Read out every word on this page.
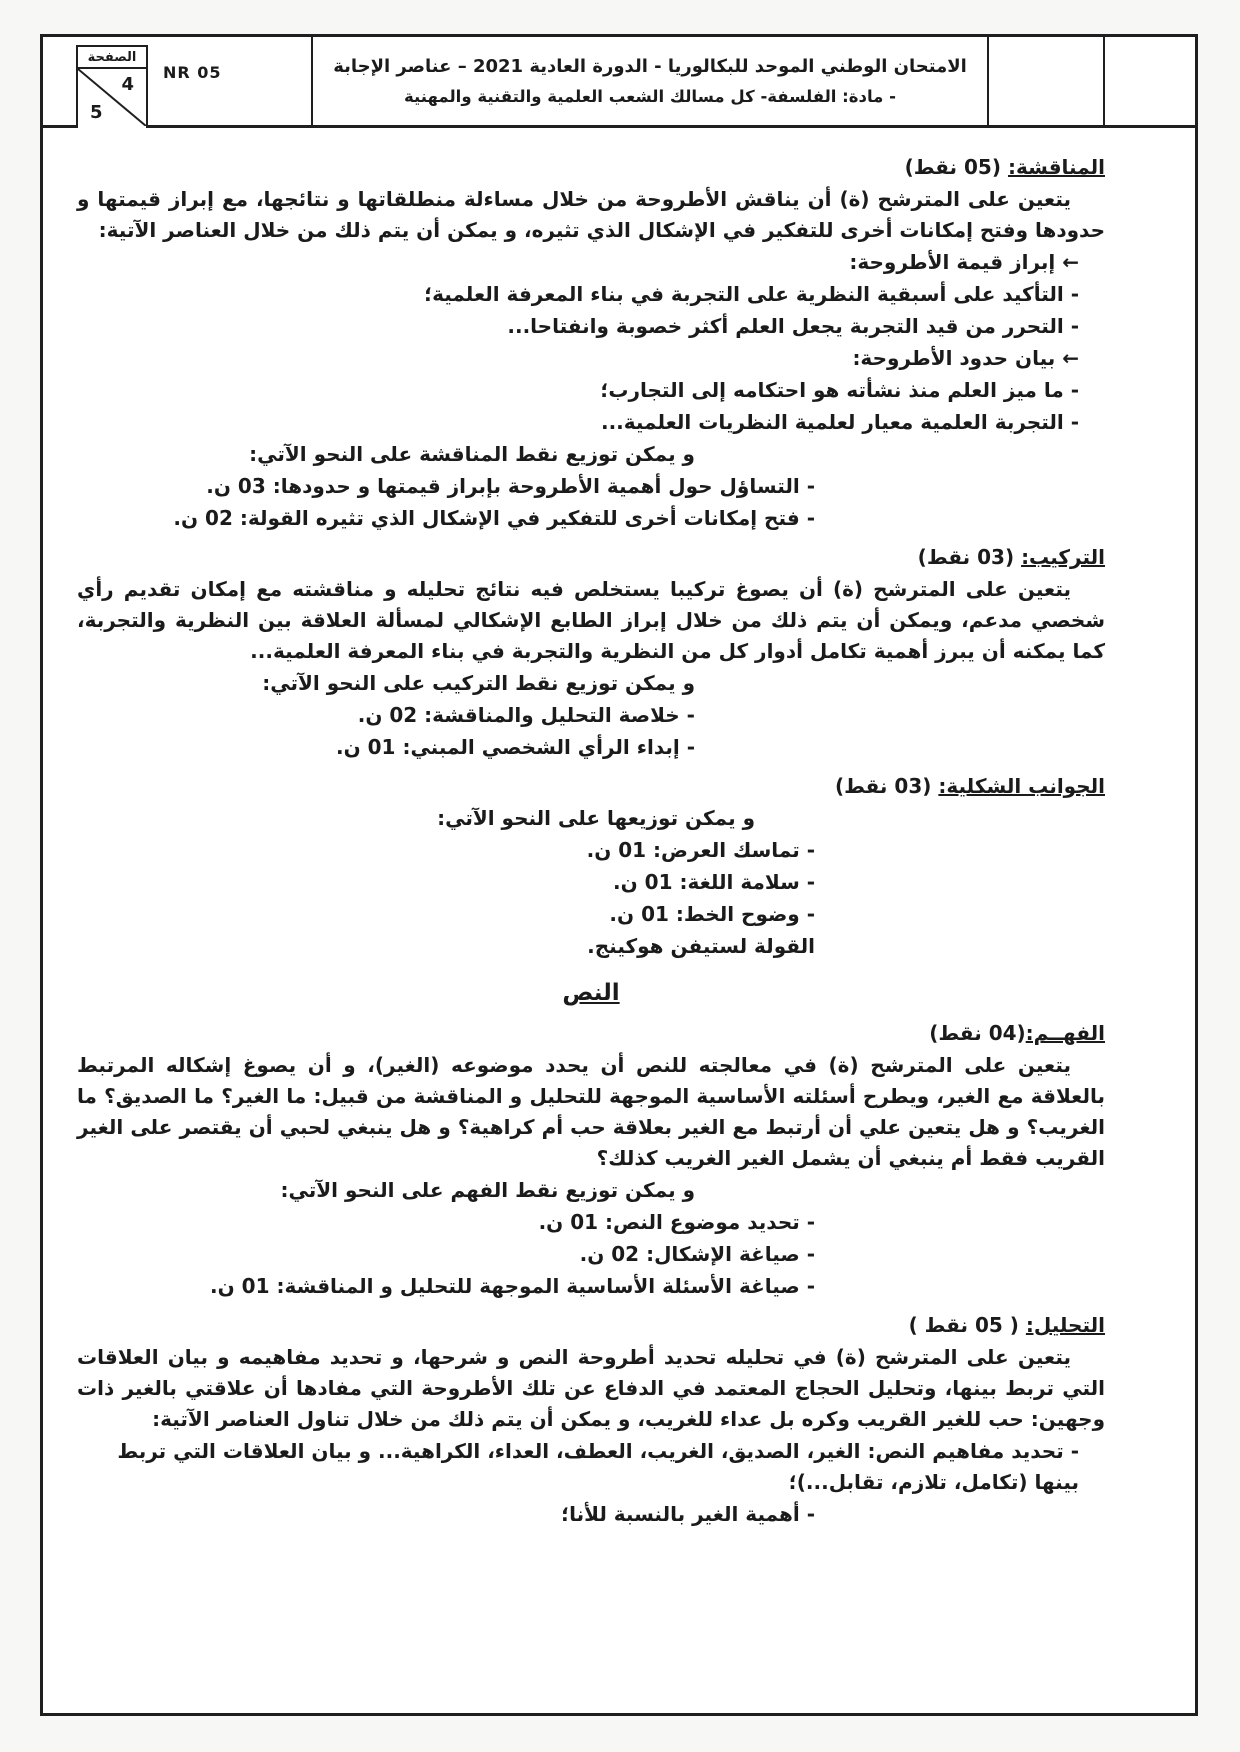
الصفحة
4
5
NR 05	الامتحان الوطني الموحد للبكالوريا - الدورة العادية 2021 – عناصر الإجابة
- مادة: الفلسفة- كل مسالك الشعب العلمية والتقنية والمهنية

المناقشة: (05 نقط)

يتعين على المترشح (ة) أن يناقش الأطروحة من خلال مساءلة منطلقاتها و نتائجها، مع إبراز قيمتها و حدودها وفتح إمكانات أخرى للتفكير في الإشكال الذي تثيره، و يمكن أن يتم ذلك من خلال العناصر الآتية:

← إبراز قيمة الأطروحة:

- التأكيد على أسبقية النظرية على التجربة في بناء المعرفة العلمية؛

- التحرر من قيد التجربة يجعل العلم أكثر خصوبة وانفتاحا...

← بيان حدود الأطروحة:

- ما ميز العلم منذ نشأته هو احتكامه إلى التجارب؛

- التجربة العلمية معيار لعلمية النظريات العلمية...

و يمكن توزيع نقط المناقشة على النحو الآتي:

- التساؤل حول أهمية الأطروحة بإبراز قيمتها و حدودها: 03 ن.

- فتح إمكانات أخرى للتفكير في الإشكال الذي تثيره القولة: 02 ن.

التركيب: (03 نقط)

يتعين على المترشح (ة) أن يصوغ تركيبا يستخلص فيه نتائج تحليله و مناقشته مع إمكان تقديم رأي شخصي مدعم، ويمكن أن يتم ذلك من خلال إبراز الطابع الإشكالي لمسألة العلاقة بين النظرية والتجربة، كما يمكنه أن يبرز أهمية تكامل أدوار كل من النظرية والتجربة في بناء المعرفة العلمية...

و يمكن توزيع نقط التركيب على النحو الآتي:

- خلاصة التحليل والمناقشة: 02 ن.

- إبداء الرأي الشخصي المبني: 01 ن.

الجوانب الشكلية: (03 نقط)

و يمكن توزيعها على النحو الآتي:

- تماسك العرض: 01 ن.

- سلامة اللغة: 01 ن.

- وضوح الخط: 01 ن.

القولة لستيفن هوكينج.

النص

الفهــم:(04 نقط)

يتعين على المترشح (ة) في معالجته للنص أن يحدد موضوعه (الغير)، و أن يصوغ إشكاله المرتبط بالعلاقة مع الغير، ويطرح أسئلته الأساسية الموجهة للتحليل و المناقشة من قبيل: ما الغير؟ ما الصديق؟ ما الغريب؟ و هل يتعين علي أن أرتبط مع الغير بعلاقة حب أم كراهية؟ و هل ينبغي لحبي أن يقتصر على الغير القريب فقط أم ينبغي أن يشمل الغير الغريب كذلك؟

و يمكن توزيع نقط الفهم على النحو الآتي:

- تحديد موضوع النص: 01 ن.

- صياغة الإشكال: 02 ن.

- صياغة الأسئلة الأساسية الموجهة للتحليل و المناقشة: 01 ن.

التحليل: ( 05 نقط )

يتعين على المترشح (ة) في تحليله تحديد أطروحة النص و شرحها، و تحديد مفاهيمه و بيان العلاقات التي تربط بينها، وتحليل الحجاج المعتمد في الدفاع عن تلك الأطروحة التي مفادها أن علاقتي بالغير ذات وجهين: حب للغير القريب وكره بل عداء للغريب، و يمكن أن يتم ذلك من خلال تناول العناصر الآتية:

- تحديد مفاهيم النص: الغير، الصديق، الغريب، العطف، العداء، الكراهية... و بيان العلاقات التي تربط بينها (تكامل، تلازم، تقابل...)؛

- أهمية الغير بالنسبة للأنا؛
